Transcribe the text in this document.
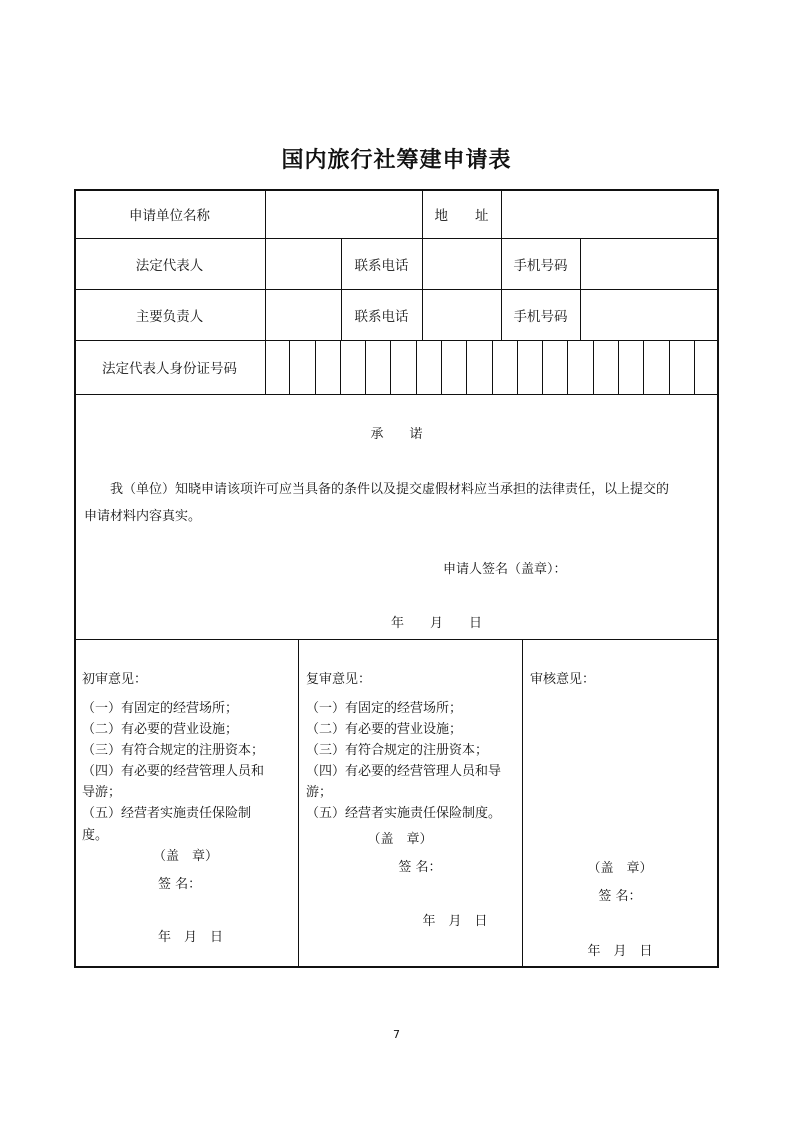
国内旅行社筹建申请表
申请单位名称	地　　址
法定代表人	联系电话	手机号码
主要负责人	联系电话	手机号码
法定代表人身份证号码
承　　诺
我（单位）知晓申请该项许可应当具备的条件以及提交虚假材料应当承担的法律责任，以上提交的
申请材料内容真实。
申请人签名（盖章）：
年　　月　　日
初审意见：
（一）有固定的经营场所；
（二）有必要的营业设施；
（三）有符合规定的注册资本；
（四）有必要的经营管理人员和
导游；
（五）经营者实施责任保险制
度。
（盖　章）
签 名：
年　月　日
复审意见：
（一）有固定的经营场所；
（二）有必要的营业设施；
（三）有符合规定的注册资本；
（四）有必要的经营管理人员和导
游；
（五）经营者实施责任保险制度。
（盖　章）
签 名：
年　月　日
审核意见：
（盖　章）
签 名：
年　月　日
7
